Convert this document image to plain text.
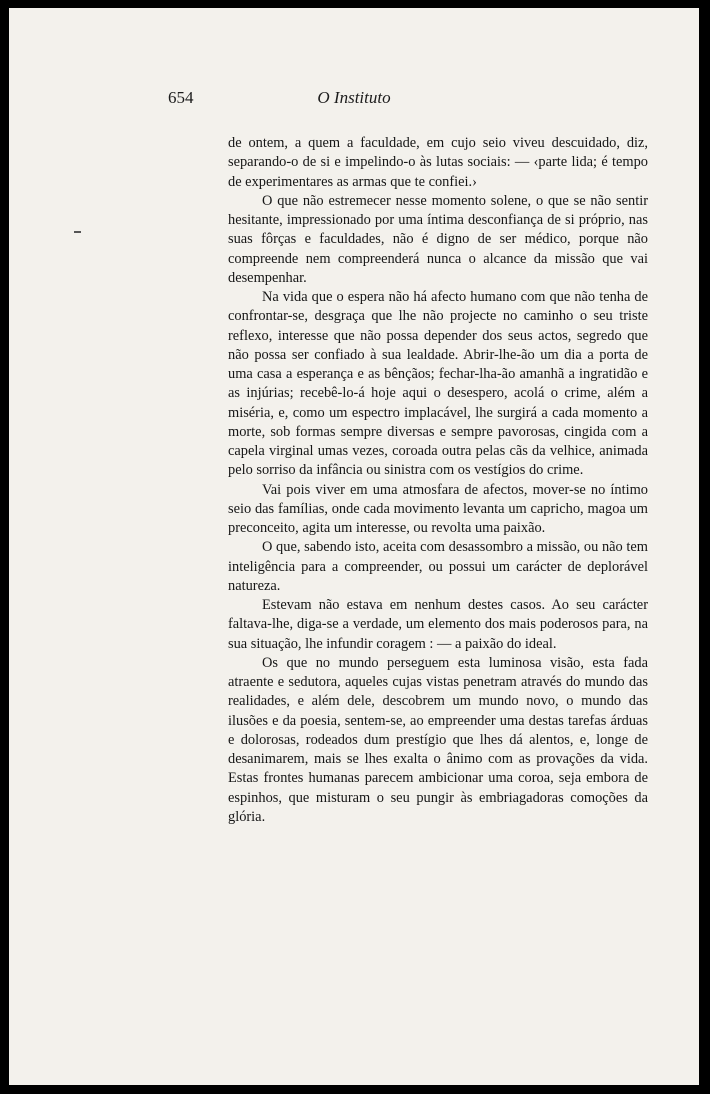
654	O Instituto

de ontem, a quem a faculdade, em cujo seio viveu descuidado, diz, separando-o de si e impelindo-o às lutas sociais: — ‹parte lida; é tempo de experimentares as armas que te confiei.›

O que não estremecer nesse momento solene, o que se não sentir hesitante, impressionado por uma íntima desconfiança de si próprio, nas suas fôrças e faculdades, não é digno de ser médico, porque não compreende nem compreenderá nunca o alcance da missão que vai desempenhar.

Na vida que o espera não há afecto humano com que não tenha de confrontar-se, desgraça que lhe não projecte no caminho o seu triste reflexo, interesse que não possa depender dos seus actos, segredo que não possa ser confiado à sua lealdade. Abrir-lhe-ão um dia a porta de uma casa a esperança e as bênçãos; fechar-lha-ão amanhã a ingratidão e as injúrias; recebê-lo-á hoje aqui o desespero, acolá o crime, além a miséria, e, como um espectro implacável, lhe surgirá a cada momento a morte, sob formas sempre diversas e sempre pavorosas, cingida com a capela virginal umas vezes, coroada outra pelas cãs da velhice, animada pelo sorriso da infância ou sinistra com os vestígios do crime.

Vai pois viver em uma atmosfara de afectos, mover-se no íntimo seio das famílias, onde cada movimento levanta um capricho, magoa um preconceito, agita um interesse, ou revolta uma paixão.

O que, sabendo isto, aceita com desassombro a missão, ou não tem inteligência para a compreender, ou possui um carácter de deplorável natureza.

Estevam não estava em nenhum destes casos. Ao seu carácter faltava-lhe, diga-se a verdade, um elemento dos mais poderosos para, na sua situação, lhe infundir coragem : — a paixão do ideal.

Os que no mundo perseguem esta luminosa visão, esta fada atraente e sedutora, aqueles cujas vistas penetram através do mundo das realidades, e além dele, descobrem um mundo novo, o mundo das ilusões e da poesia, sentem-se, ao empreender uma destas tarefas árduas e dolorosas, rodeados dum prestígio que lhes dá alentos, e, longe de desanimarem, mais se lhes exalta o ânimo com as provações da vida. Estas frontes humanas parecem ambicionar uma coroa, seja embora de espinhos, que misturam o seu pungir às embriagadoras comoções da glória.
